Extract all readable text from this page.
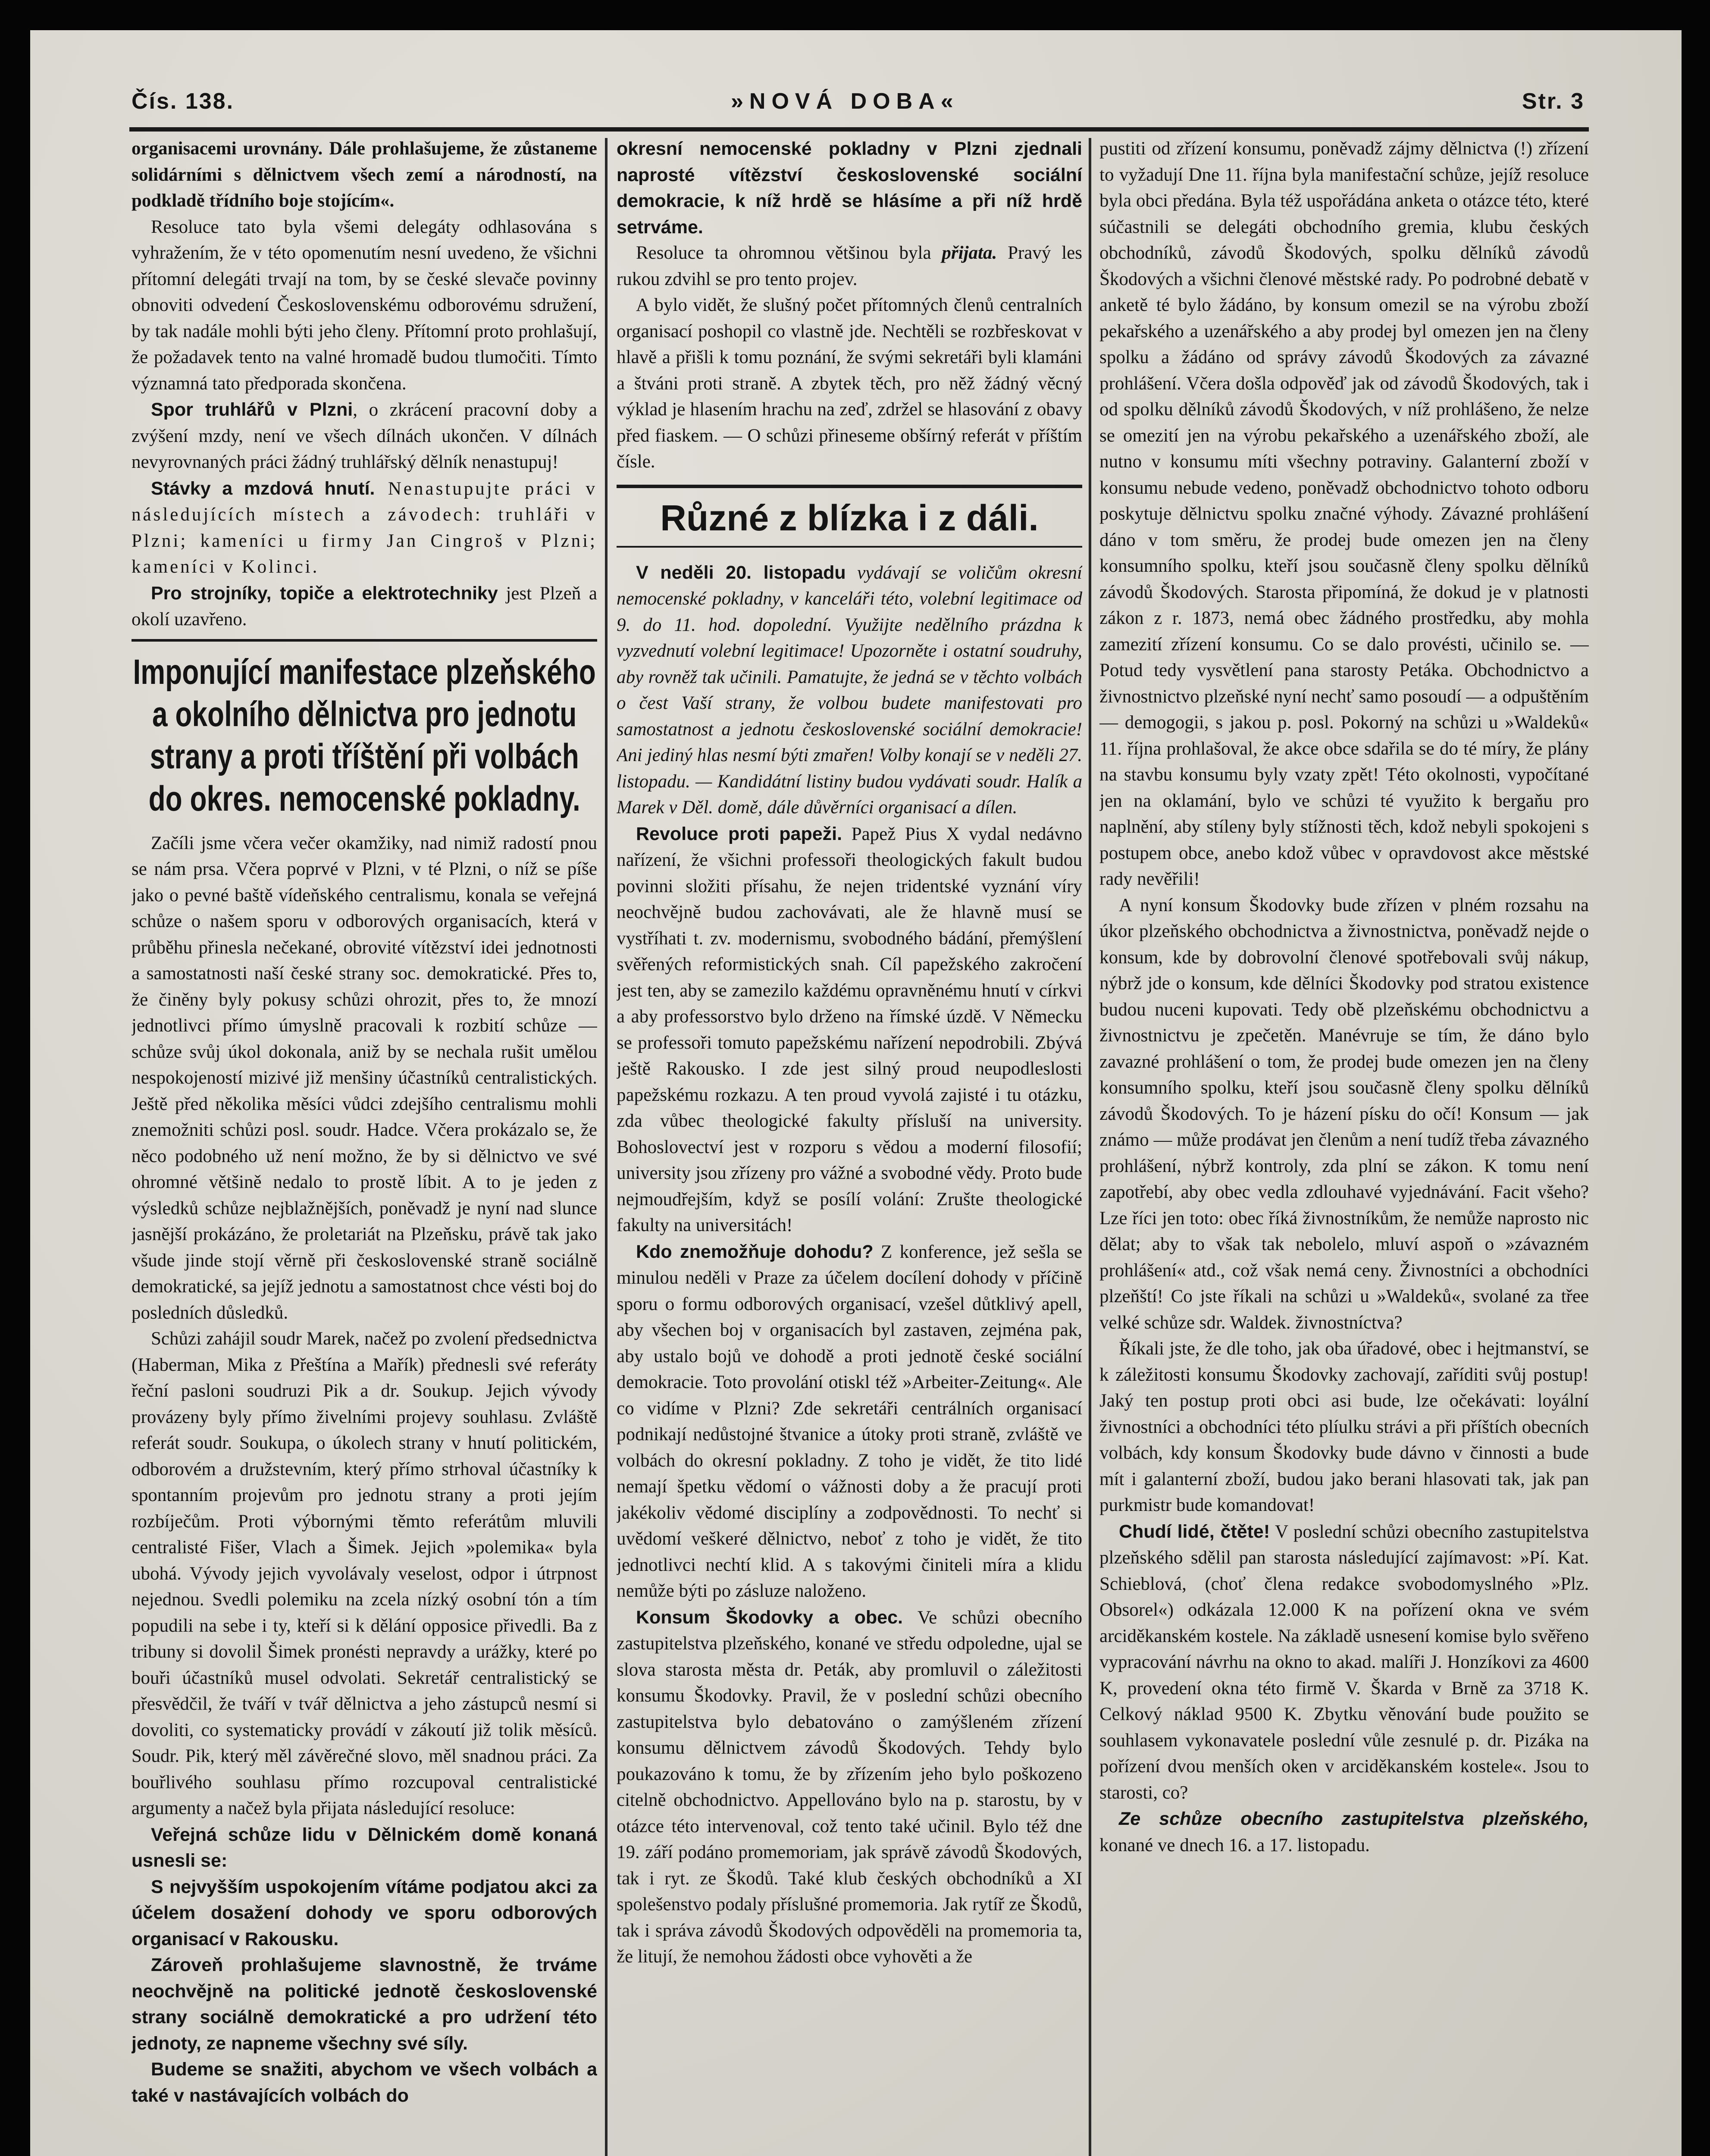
Čís. 138.	»NOVÁ DOBA«	Str. 3

organisacemi urovnány. Dále prohlašujeme, že zůstaneme solidárními s dělnictvem všech zemí a národností, na podkladě třídního boje stojícím«.

Resoluce tato byla všemi delegáty odhlasována s vyhražením, že v této opomenutím nesní uvedeno, že všichni přítomní delegáti trvají na tom, by se české slevače povinny obnoviti odvedení Československému odborovému sdružení, by tak nadále mohli býti jeho členy. Přítomní proto prohlašují, že požadavek tento na valné hromadě budou tlumočiti. Tímto významná tato předporada skončena.

Spor truhlářů v Plzni, o zkrácení pracovní doby a zvýšení mzdy, není ve všech dílnách ukončen. V dílnách nevyrovnaných práci žádný truhlářský dělník nenastupuj!

Stávky a mzdová hnutí. Nenastupujte práci v následujících místech a závodech: truhláři v Plzni; kameníci u firmy Jan Cingroš v Plzni; kameníci v Kolinci.

Pro strojníky, topiče a elektrotechniky jest Plzeň a okolí uzavřeno.

Imponující manifestace plzeňského a okolního dělnictva pro jednotu strany a proti tříštění při volbách do okres. nemocenské pokladny.

Začíli jsme včera večer okamžiky, nad nimiž radostí pnou se nám prsa. Včera poprvé v Plzni, v té Plzni, o níž se píše jako o pevné baště vídeňského centralismu, konala se veřejná schůze o našem sporu v odborových organisacích, která v průběhu přinesla nečekané, obrovité vítězství idei jednotnosti a samostatnosti naší české strany soc. demokratické. Přes to, že činěny byly pokusy schůzi ohrozit, přes to, že mnozí jednotlivci přímo úmyslně pracovali k rozbití schůze — schůze svůj úkol dokonala, aniž by se nechala rušit umělou nespokojeností mizivé již menšiny účastníků centralistických. Ještě před několika měsíci vůdci zdejšího centralismu mohli znemožniti schůzi posl. soudr. Hadce. Včera prokázalo se, že něco podobného už není možno, že by si dělnictvo ve své ohromné většině nedalo to prostě líbit. A to je jeden z výsledků schůze nejblažnějších, poněvadž je nyní nad slunce jasnější prokázáno, že proletariát na Plzeňsku, právě tak jako všude jinde stojí věrně při československé straně sociálně demokratické, sa jejíž jednotu a samostatnost chce vésti boj do posledních důsledků.

Schůzi zahájil soudr Marek, načež po zvolení předsednictva (Haberman, Mika z Přeštína a Mařík) přednesli své referáty řeční pasloni soudruzi Pik a dr. Soukup. Jejich vývody provázeny byly přímo živelními projevy souhlasu. Zvláště referát soudr. Soukupa, o úkolech strany v hnutí politickém, odborovém a družstevním, který přímo strhoval účastníky k spontanním projevům pro jednotu strany a proti jejím rozbíječům. Proti výbornými těmto referátům mluvili centralisté Fišer, Vlach a Šimek. Jejich »polemika« byla ubohá. Vývody jejich vyvolávaly veselost, odpor i útrpnost nejednou. Svedli polemiku na zcela nízký osobní tón a tím popudili na sebe i ty, kteří si k dělání opposice přivedli. Ba z tribuny si dovolil Šimek pronésti nepravdy a urážky, které po bouři účastníků musel odvolati. Sekretář centralistický se přesvědčil, že tváří v tvář dělnictva a jeho zástupců nesmí si dovoliti, co systematicky provádí v zákoutí již tolik měsíců. Soudr. Pik, který měl závěrečné slovo, měl snadnou práci. Za bouřlivého souhlasu přímo rozcupoval centralistické argumenty a načež byla přijata následující resoluce:

Veřejná schůze lidu v Dělnickém domě konaná usnesli se:

S nejvyšším uspokojením vítáme podjatou akci za účelem dosažení dohody ve sporu odborových organisací v Rakousku.

Zároveň prohlašujeme slavnostně, že trváme neochvějně na politické jednotě československé strany sociálně demokratické a pro udržení této jednoty, ze napneme všechny své síly.

Budeme se snažiti, abychom ve všech volbách a také v nastávajících volbách do

okresní nemocenské pokladny v Plzni zjednali naprosté vítězství československé sociální demokracie, k níž hrdě se hlásíme a při níž hrdě setrváme.

Resoluce ta ohromnou většinou byla přijata. Pravý les rukou zdvihl se pro tento projev.

A bylo vidět, že slušný počet přítomných členů centralních organisací poshopil co vlastně jde. Nechtěli se rozbřeskovat v hlavě a přišli k tomu poznání, že svými sekretáři byli klamáni a štváni proti straně. A zbytek těch, pro něž žádný věcný výklad je hlasením hrachu na zeď, zdržel se hlasování z obavy před fiaskem. — O schůzi přineseme obšírný referát v příštím čísle.

Různé z blízka i z dáli.

V neděli 20. listopadu vydávají se voličům okresní nemocenské pokladny, v kanceláři této, volební legitimace od 9. do 11. hod. dopolední. Využijte nedělního prázdna k vyzvednutí volební legitimace! Upozorněte i ostatní soudruhy, aby rovněž tak učinili. Pamatujte, že jedná se v těchto volbách o čest Vaší strany, že volbou budete manifestovati pro samostatnost a jednotu československé sociální demokracie! Ani jediný hlas nesmí býti zmařen! Volby konají se v neděli 27. listopadu. — Kandidátní listiny budou vydávati soudr. Halík a Marek v Děl. domě, dále důvěrníci organisací a dílen.

Revoluce proti papeži. Papež Pius X vydal nedávno nařízení, že všichni professoři theologických fakult budou povinni složiti přísahu, že nejen tridentské vyznání víry neochvějně budou zachovávati, ale že hlavně musí se vystříhati t. zv. modernismu, svobodného bádání, přemýšlení svěřených reformistických snah. Cíl papežského zakročení jest ten, aby se zamezilo každému opravněnému hnutí v církvi a aby professorstvo bylo drženo na římské úzdě. V Německu se professoři tomuto papežskému nařízení nepodrobili. Zbývá ještě Rakousko. I zde jest silný proud neupodleslosti papežskému rozkazu. A ten proud vyvolá zajisté i tu otázku, zda vůbec theologické fakulty přísluší na university. Bohoslovectví jest v rozporu s vědou a moderní filosofií; university jsou zřízeny pro vážné a svobodné vědy. Proto bude nejmoudřejším, když se posílí volání: Zrušte theologické fakulty na universitách!

Kdo znemožňuje dohodu? Z konference, jež sešla se minulou neděli v Praze za účelem docílení dohody v příčině sporu o formu odborových organisací, vzešel důtklivý apell, aby všechen boj v organisacích byl zastaven, zejména pak, aby ustalo bojů ve dohodě a proti jednotě české sociální demokracie. Toto provolání otiskl též »Arbeiter-Zeitung«. Ale co vidíme v Plzni? Zde sekretáři centrálních organisací podnikají nedůstojné štvanice a útoky proti straně, zvláště ve volbách do okresní pokladny. Z toho je vidět, že tito lidé nemají špetku vědomí o vážnosti doby a že pracují proti jakékoliv vědomé disciplíny a zodpovědnosti. To nechť si uvědomí veškeré dělnictvo, neboť z toho je vidět, že tito jednotlivci nechtí klid. A s takovými činiteli míra a klidu nemůže býti po zásluze naloženo.

Konsum Škodovky a obec. Ve schůzi obecního zastupitelstva plzeňského, konané ve středu odpoledne, ujal se slova starosta města dr. Peták, aby promluvil o záležitosti konsumu Škodovky. Pravil, že v poslední schůzi obecního zastupitelstva bylo debatováno o zamýšleném zřízení konsumu dělnictvem závodů Škodových. Tehdy bylo poukazováno k tomu, že by zřízením jeho bylo poškozeno citelně obchodnictvo. Appellováno bylo na p. starostu, by v otázce této intervenoval, což tento také učinil. Bylo též dne 19. září podáno promemoriam, jak správě závodů Škodových, tak i ryt. ze Škodů. Také klub českých obchodníků a XI spolešenstvo podaly příslušné promemoria. Jak rytíř ze Škodů, tak i správa závodů Škodových odpověděli na promemoria ta, že litují, že nemohou žádosti obce vyhověti a že

pustiti od zřízení konsumu, poněvadž zájmy dělnictva (!) zřízení to vyžadují Dne 11. října byla manifestační schůze, jejíž resoluce byla obci předána. Byla též uspořádána anketa o otázce této, které súčastnili se delegáti obchodního gremia, klubu českých obchodníků, závodů Škodových, spolku dělníků závodů Škodových a všichni členové městské rady. Po podrobné debatě v anketě té bylo žádáno, by konsum omezil se na výrobu zboží pekařského a uzenářského a aby prodej byl omezen jen na členy spolku a žádáno od správy závodů Škodových za závazné prohlášení. Včera došla odpověď jak od závodů Škodových, tak i od spolku dělníků závodů Škodových, v níž prohlášeno, že nelze se omezití jen na výrobu pekařského a uzenářského zboží, ale nutno v konsumu míti všechny potraviny. Galanterní zboží v konsumu nebude vedeno, poněvadž obchodnictvo tohoto odboru poskytuje dělnictvu spolku značné výhody. Závazné prohlášení dáno v tom směru, že prodej bude omezen jen na členy konsumního spolku, kteří jsou současně členy spolku dělníků závodů Škodových. Starosta připomíná, že dokud je v platnosti zákon z r. 1873, nemá obec žádného prostředku, aby mohla zamezití zřízení konsumu. Co se dalo provésti, učinilo se. — Potud tedy vysvětlení pana starosty Petáka. Obchodnictvo a živnostnictvo plzeňské nyní nechť samo posoudí — a odpuštěním — demogogii, s jakou p. posl. Pokorný na schůzi u »Waldeků« 11. října prohlašoval, že akce obce sdařila se do té míry, že plány na stavbu konsumu byly vzaty zpět! Této okolnosti, vypočítané jen na oklamání, bylo ve schůzi té využito k bergaňu pro naplnění, aby stíleny byly stížnosti těch, kdož nebyli spokojeni s postupem obce, anebo kdož vůbec v opravdovost akce městské rady nevěřili!

A nyní konsum Škodovky bude zřízen v plném rozsahu na úkor plzeňského obchodnictva a živnostnictva, poněvadž nejde o konsum, kde by dobrovolní členové spotřebovali svůj nákup, nýbrž jde o konsum, kde dělníci Škodovky pod stratou existence budou nuceni kupovati. Tedy obě plzeňskému obchodnictvu a živnostnictvu je zpečetěn. Manévruje se tím, že dáno bylo zavazné prohlášení o tom, že prodej bude omezen jen na členy konsumního spolku, kteří jsou současně členy spolku dělníků závodů Škodových. To je házení písku do očí! Konsum — jak známo — může prodávat jen členům a není tudíž třeba závazného prohlášení, nýbrž kontroly, zda plní se zákon. K tomu není zapotřebí, aby obec vedla zdlouhavé vyjednávání. Facit všeho? Lze říci jen toto: obec říká živnostníkům, že nemůže naprosto nic dělat; aby to však tak nebolelo, mluví aspoň o »závazném prohlášení« atd., což však nemá ceny. Živnostníci a obchodníci plzeňští! Co jste říkali na schůzi u »Waldeků«, svolané za třee velké schůze sdr. Waldek. živnostníctva?

Říkali jste, že dle toho, jak oba úřadové, obec i hejtmanství, se k záležitosti konsumu Škodovky zachovají, zaříditi svůj postup! Jaký ten postup proti obci asi bude, lze očekávati: loyální živnostníci a obchodníci této plíulku strávi a při příštích obecních volbách, kdy konsum Škodovky bude dávno v činnosti a bude mít i galanterní zboží, budou jako berani hlasovati tak, jak pan purkmistr bude komandovat!

Chudí lidé, čtěte! V poslední schůzi obecního zastupitelstva plzeňského sdělil pan starosta následující zajímavost: »Pí. Kat. Schieblová, (choť člena redakce svobodomyslného »Plz. Obsorel«) odkázala 12.000 K na pořízení okna ve svém arciděkanském kostele. Na základě usnesení komise bylo svěřeno vypracování návrhu na okno to akad. malíři J. Honzíkovi za 4600 K, provedení okna této firmě V. Škarda v Brně za 3718 K. Celkový náklad 9500 K. Zbytku věnování bude použito se souhlasem vykonavatele poslední vůle zesnulé p. dr. Pizáka na pořízení dvou menších oken v arciděkanském kostele«. Jsou to starosti, co?

Ze schůze obecního zastupitelstva plzeňského, konané ve dnech 16. a 17. listopadu.
